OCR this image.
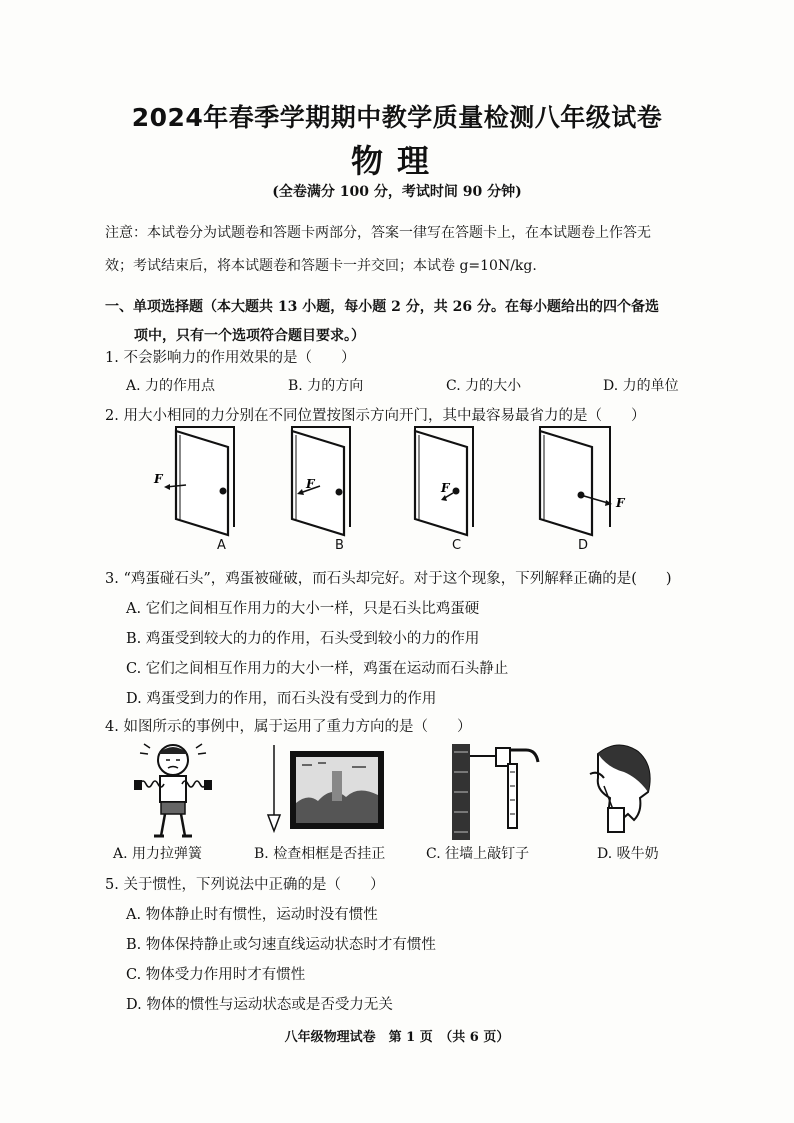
2024年春季学期期中教学质量检测八年级试卷
物理
(全卷满分 100 分，考试时间 90 分钟)
注意：本试卷分为试题卷和答题卡两部分，答案一律写在答题卡上，在本试题卷上作答无
效；考试结束后，将本试题卷和答题卡一并交回；本试卷 g=10N/kg.
一、单项选择题（本大题共 13 小题，每小题 2 分，共 26 分。在每小题给出的四个备选
项中，只有一个选项符合题目要求。）
1. 不会影响力的作用效果的是（　　）
A. 力的作用点	B. 力的方向	C. 力的大小	D. 力的单位
2. 用大小相同的力分别在不同位置按图示方向开门，其中最容易最省力的是（　　）
F
A
F
B
F
C
F
D
3. “鸡蛋碰石头”，鸡蛋被碰破，而石头却完好。对于这个现象，下列解释正确的是(　　)
A. 它们之间相互作用力的大小一样，只是石头比鸡蛋硬
B. 鸡蛋受到较大的力的作用，石头受到较小的力的作用
C. 它们之间相互作用力的大小一样，鸡蛋在运动而石头静止
D. 鸡蛋受到力的作用，而石头没有受到力的作用
4. 如图所示的事例中，属于运用了重力方向的是（　　）
A. 用力拉弹簧	B. 检查相框是否挂正	C. 往墙上敲钉子	D. 吸牛奶
5. 关于惯性，下列说法中正确的是（　　）
A. 物体静止时有惯性，运动时没有惯性
B. 物体保持静止或匀速直线运动状态时才有惯性
C. 物体受力作用时才有惯性
D. 物体的惯性与运动状态或是否受力无关
八年级物理试卷　第 1 页　（共 6 页）
